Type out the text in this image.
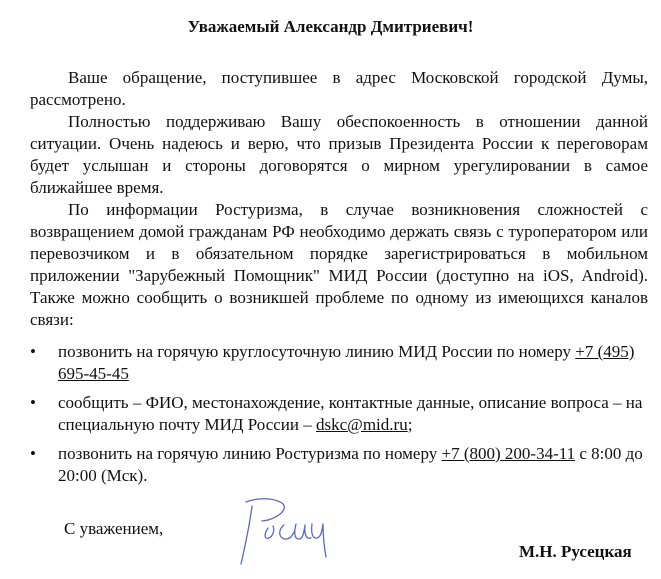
Уважаемый Александр Дмитриевич!

Ваше обращение, поступившее в адрес Московской городской Думы, рассмотрено.

Полностью поддерживаю Вашу обеспокоенность в отношении данной ситуации. Очень надеюсь и верю, что призыв Президента России к переговорам будет услышан и стороны договорятся о мирном урегулировании в самое ближайшее время.

По информации Ростуризма, в случае возникновения сложностей с возвращением домой гражданам РФ необходимо держать связь с туроператором или перевозчиком и в обязательном порядке зарегистрироваться в мобильном приложении "Зарубежный Помощник" МИД России (доступно на iOS, Android). Также можно сообщить о возникшей проблеме по одному из имеющихся каналов связи:

• позвонить на горячую круглосуточную линию МИД России по номеру +7 (495) 695-45-45
• сообщить – ФИО, местонахождение, контактные данные, описание вопроса – на специальную почту МИД России – dskc@mid.ru;
• позвонить на горячую линию Ростуризма по номеру +7 (800) 200-34-11 с 8:00 до 20:00 (Мск).
С уважением,
М.Н. Русецкая
